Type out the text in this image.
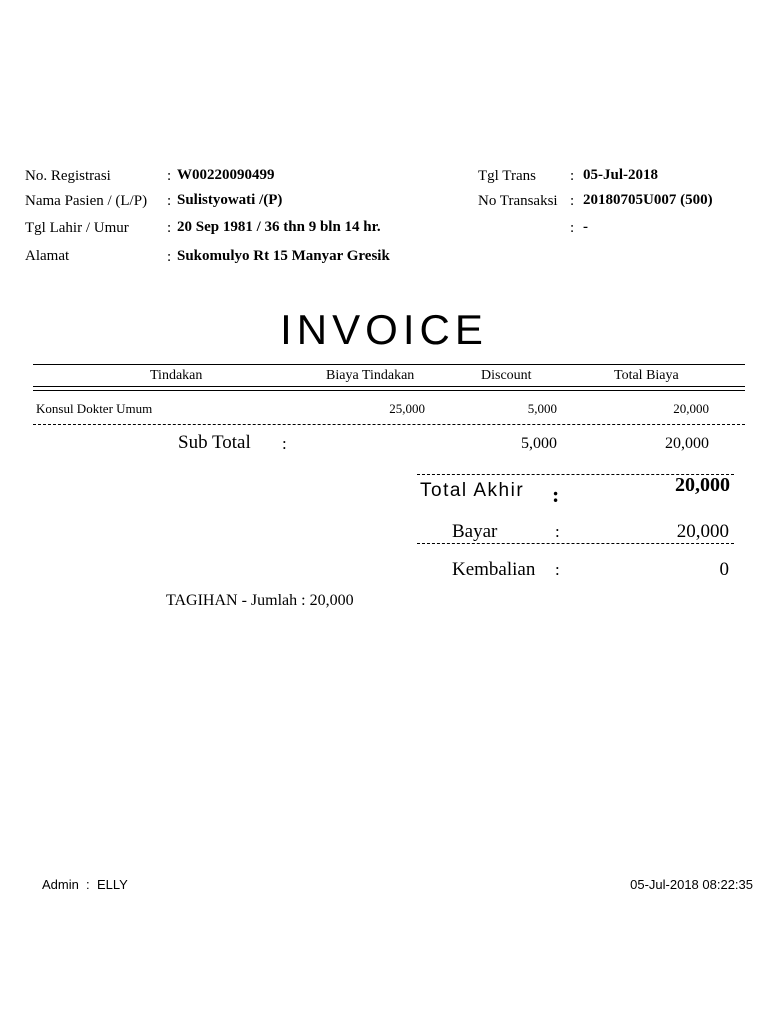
No. Registrasi	: W00220090499
Nama Pasien / (L/P) : Sulistyowati /(P)
Tgl Lahir / Umur	: 20 Sep 1981 / 36 thn 9 bln 14 hr.
Alamat	: Sukomulyo Rt 15 Manyar Gresik
Tgl Trans : 05-Jul-2018
No Transaksi : 20180705U007 (500)
: -
INVOICE
Tindakan	Biaya Tindakan	Discount	Total Biaya
Konsul Dokter Umum	25,000	5,000	20,000
Sub Total :	5,000	20,000
Total Akhir :	20,000
Bayar	:	20,000
Kembalian :	0
TAGIHAN - Jumlah : 20,000
Admin : ELLY	05-Jul-2018 08:22:35
